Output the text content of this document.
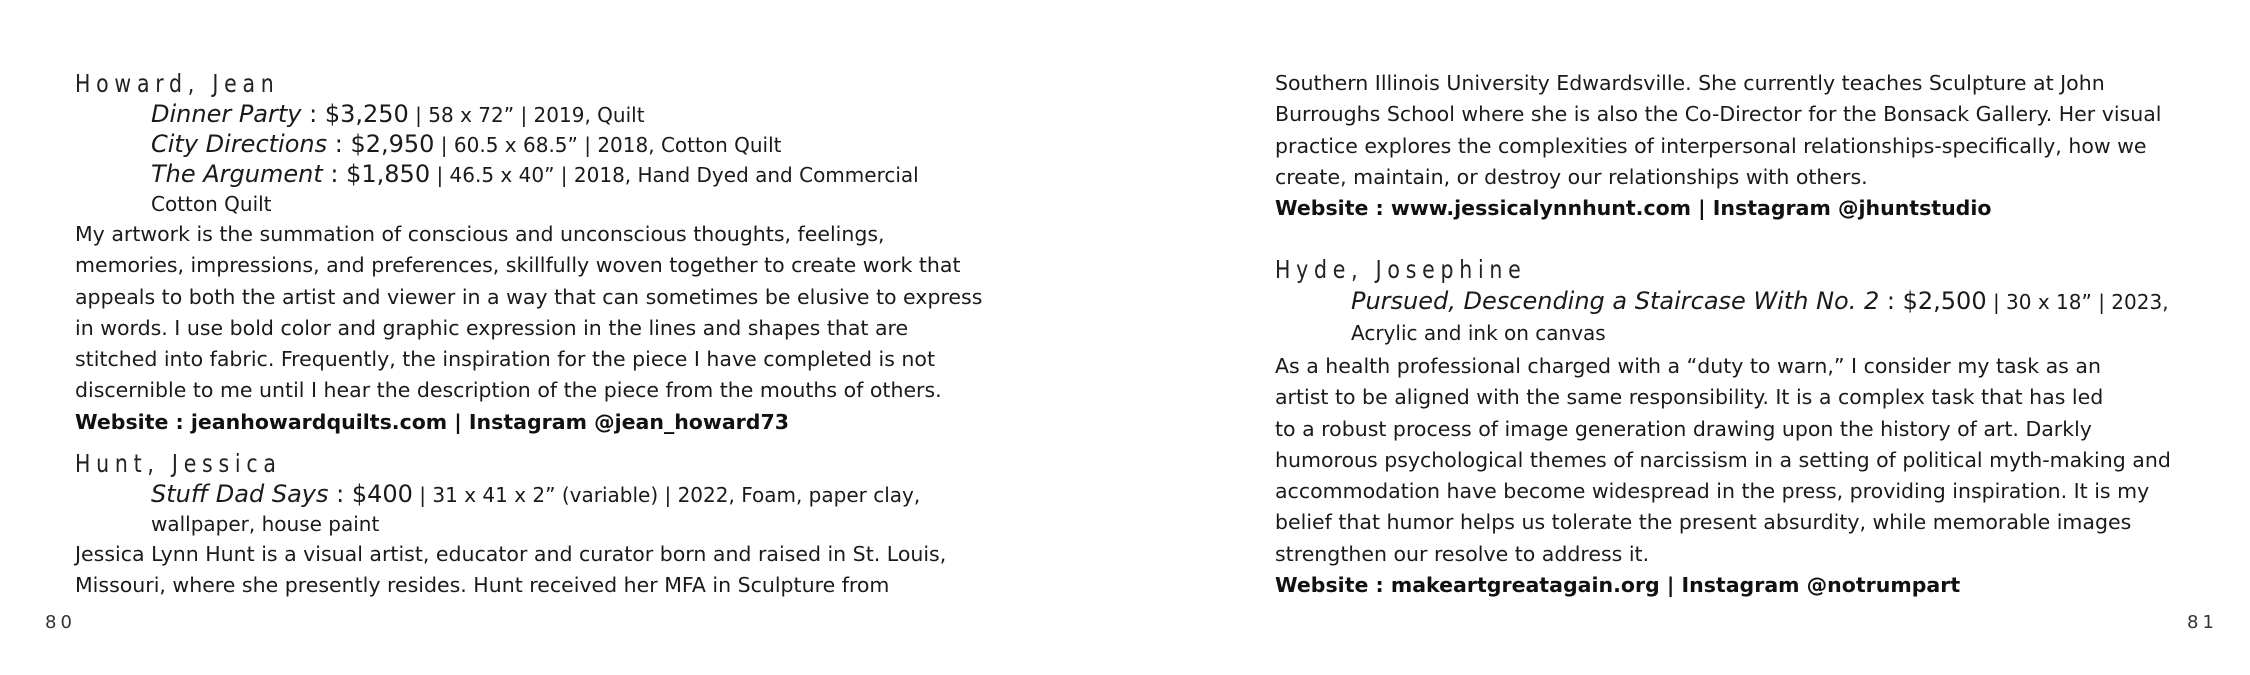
Howard, Jean

Dinner Party : $3,250 | 58 x 72” | 2019, Quilt

City Directions : $2,950 | 60.5 x 68.5” | 2018, Cotton Quilt

The Argument : $1,850 | 46.5 x 40” | 2018, Hand Dyed and Commercial

Cotton Quilt

My artwork is the summation of conscious and unconscious thoughts, feelings,

memories, impressions, and preferences, skillfully woven together to create work that

appeals to both the artist and viewer in a way that can sometimes be elusive to express

in words. I use bold color and graphic expression in the lines and shapes that are

stitched into fabric. Frequently, the inspiration for the piece I have completed is not

discernible to me until I hear the description of the piece from the mouths of others.

Website : jeanhowardquilts.com | Instagram @jean_howard73

Hunt, Jessica

Stuff Dad Says : $400 | 31 x 41 x 2” (variable) | 2022, Foam, paper clay,

wallpaper, house paint

Jessica Lynn Hunt is a visual artist, educator and curator born and raised in St. Louis,

Missouri, where she presently resides. Hunt received her MFA in Sculpture from

80

Southern Illinois University Edwardsville. She currently teaches Sculpture at John

Burroughs School where she is also the Co-Director for the Bonsack Gallery. Her visual

practice explores the complexities of interpersonal relationships-specifically, how we

create, maintain, or destroy our relationships with others.

Website : www.jessicalynnhunt.com | Instagram @jhuntstudio

Hyde, Josephine

Pursued, Descending a Staircase With No. 2 : $2,500 | 30 x 18” | 2023,

Acrylic and ink on canvas

As a health professional charged with a “duty to warn,” I consider my task as an

artist to be aligned with the same responsibility. It is a complex task that has led

to a robust process of image generation drawing upon the history of art. Darkly

humorous psychological themes of narcissism in a setting of political myth-making and

accommodation have become widespread in the press, providing inspiration. It is my

belief that humor helps us tolerate the present absurdity, while memorable images

strengthen our resolve to address it.

Website : makeartgreatagain.org | Instagram @notrumpart

81
